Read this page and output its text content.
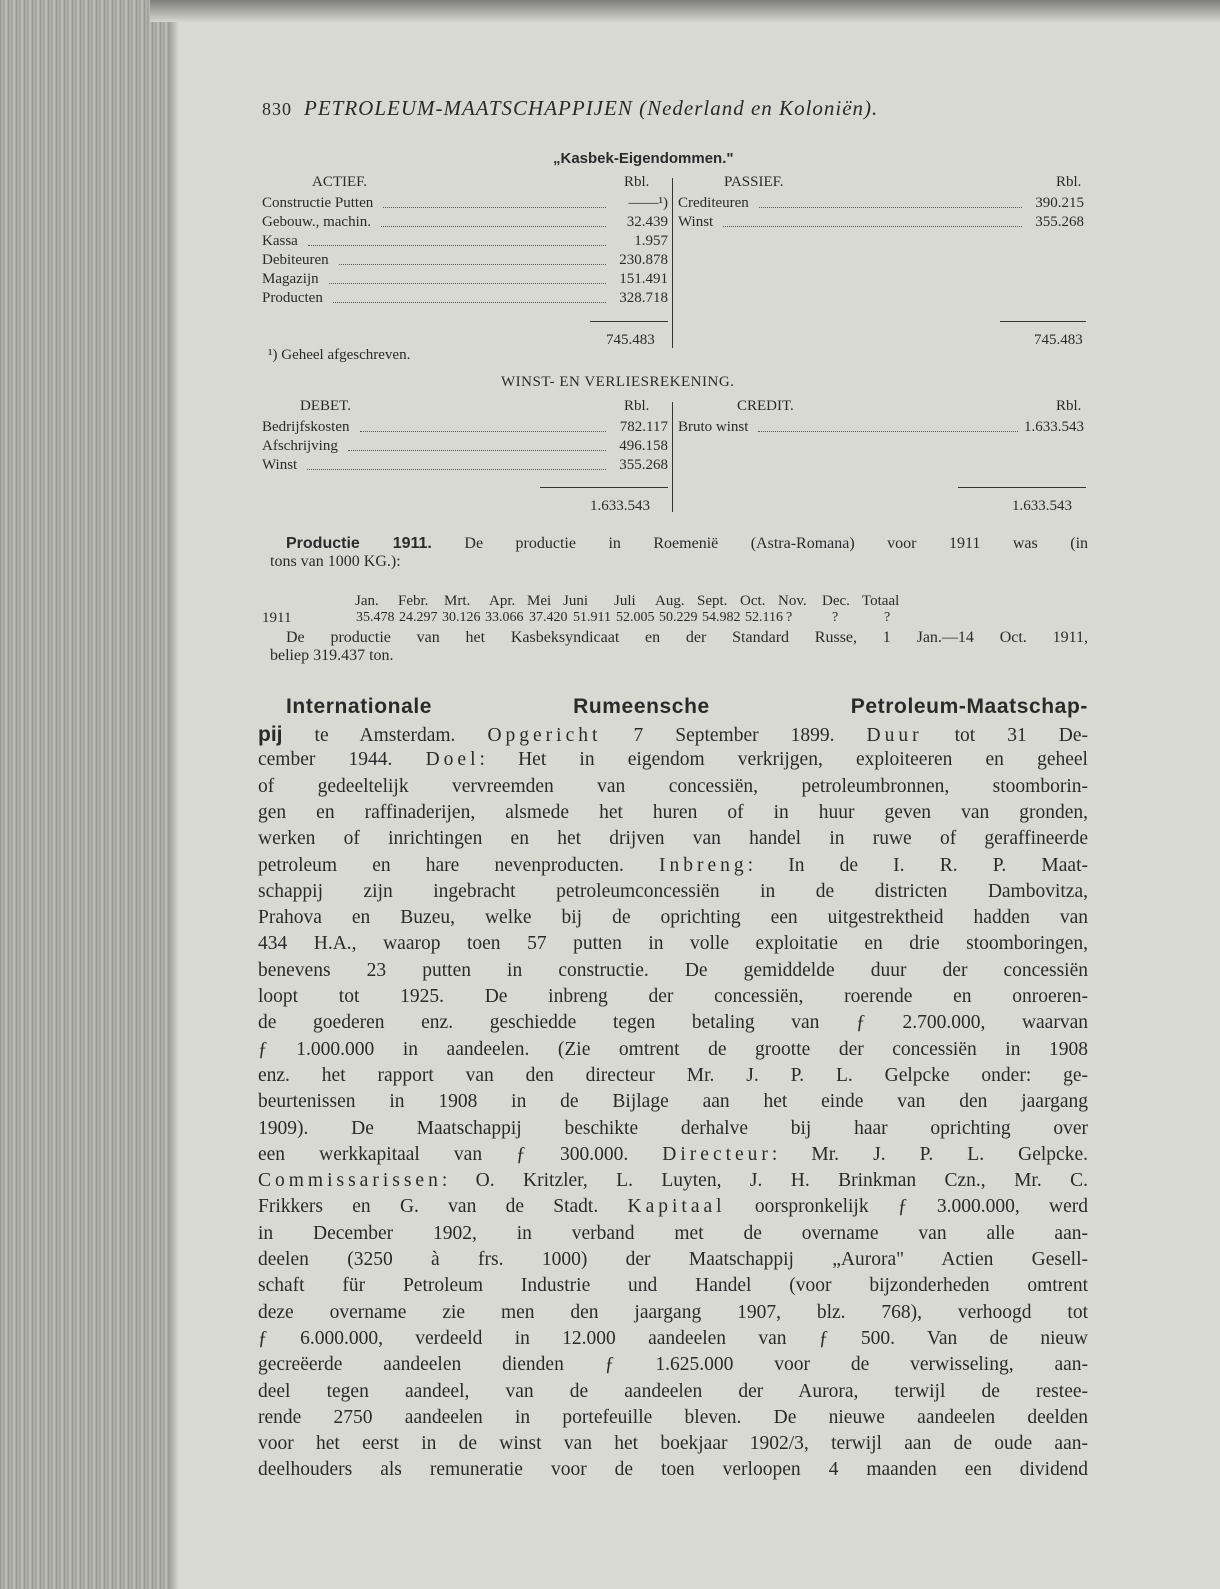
830 PETROLEUM-MAATSCHAPPIJEN (Nederland en Koloniën).
„Kasbek-Eigendommen."
ACTIEF.	Rbl.	PASSIEF.	Rbl.
Constructie Putten	——¹)
Gebouw., machin.	32.439
Kassa	1.957
Debiteuren	230.878
Magazijn	151.491
Producten	328.718
Crediteuren	390.215
Winst	355.268
745.483	745.483
¹) Geheel afgeschreven.
WINST- EN VERLIESREKENING.
DEBET.	Rbl.	CREDIT.	Rbl.
Bedrijfskosten	782.117
Afschrijving	496.158
Winst	355.268
Bruto winst	1.633.543
1.633.543	1.633.543
Productie 1911. De productie in Roemenië (Astra-Romana) voor 1911 was (in
tons van 1000 KG.):
Jan. Febr. Mrt. Apr. Mei Juni Juli Aug. Sept. Oct. Nov. Dec. Totaal
1911	35.478 24.297 30.126 33.066 37.420 51.911 52.005 50.229 54.982 52.116 ?	?	?
De productie van het Kasbeksyndicaat en der Standard Russe, 1 Jan.—14 Oct. 1911,
beliep 319.437 ton.
Internationale Rumeensche Petroleum-Maatschap-
pij te Amsterdam. Opgericht 7 September 1899. Duur tot 31 De-
cember 1944. Doel: Het in eigendom verkrijgen, exploiteeren en geheel
of gedeeltelijk vervreemden van concessiën, petroleumbronnen, stoomborin-
gen en raffinaderijen, alsmede het huren of in huur geven van gronden,
werken of inrichtingen en het drijven van handel in ruwe of geraffineerde
petroleum en hare nevenproducten. Inbreng: In de I. R. P. Maat-
schappij zijn ingebracht petroleumconcessiën in de districten Dambovitza,
Prahova en Buzeu, welke bij de oprichting een uitgestrektheid hadden van
434 H.A., waarop toen 57 putten in volle exploitatie en drie stoomboringen,
benevens 23 putten in constructie. De gemiddelde duur der concessiën
loopt tot 1925. De inbreng der concessiën, roerende en onroeren-
de goederen enz. geschiedde tegen betaling van ƒ 2.700.000, waarvan
ƒ 1.000.000 in aandeelen. (Zie omtrent de grootte der concessiën in 1908
enz. het rapport van den directeur Mr. J. P. L. Gelpcke onder: ge-
beurtenissen in 1908 in de Bijlage aan het einde van den jaargang
1909). De Maatschappij beschikte derhalve bij haar oprichting over
een werkkapitaal van ƒ 300.000. Directeur: Mr. J. P. L. Gelpcke.
Commissarissen: O. Kritzler, L. Luyten, J. H. Brinkman Czn., Mr. C.
Frikkers en G. van de Stadt. Kapitaal oorspronkelijk ƒ 3.000.000, werd
in December 1902, in verband met de overname van alle aan-
deelen (3250 à frs. 1000) der Maatschappij „Aurora" Actien Gesell-
schaft für Petroleum Industrie und Handel (voor bijzonderheden omtrent
deze overname zie men den jaargang 1907, blz. 768), verhoogd tot
ƒ 6.000.000, verdeeld in 12.000 aandeelen van ƒ 500. Van de nieuw
gecreëerde aandeelen dienden ƒ 1.625.000 voor de verwisseling, aan-
deel tegen aandeel, van de aandeelen der Aurora, terwijl de restee-
rende 2750 aandeelen in portefeuille bleven. De nieuwe aandeelen deelden
voor het eerst in de winst van het boekjaar 1902/3, terwijl aan de oude aan-
deelhouders als remuneratie voor de toen verloopen 4 maanden een dividend
